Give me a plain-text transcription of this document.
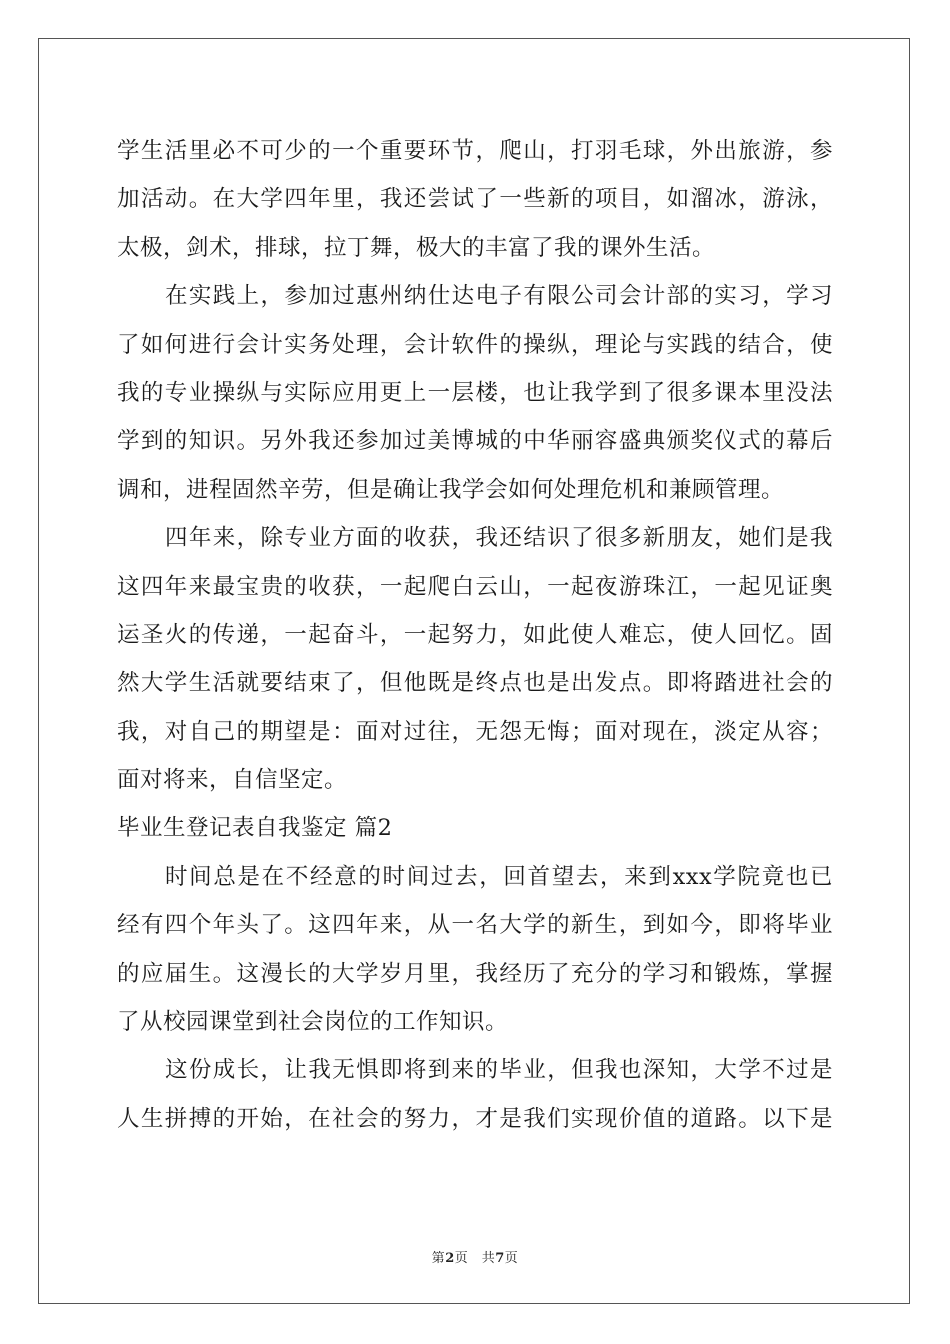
学生活里必不可少的一个重要环节，爬山，打羽毛球，外出旅游，参
加活动。在大学四年里，我还尝试了一些新的项目，如溜冰，游泳，
太极，剑术，排球，拉丁舞，极大的丰富了我的课外生活。
在实践上，参加过惠州纳仕达电子有限公司会计部的实习，学习
了如何进行会计实务处理，会计软件的操纵，理论与实践的结合，使
我的专业操纵与实际应用更上一层楼，也让我学到了很多课本里没法
学到的知识。另外我还参加过美博城的中华丽容盛典颁奖仪式的幕后
调和，进程固然辛劳，但是确让我学会如何处理危机和兼顾管理。
四年来，除专业方面的收获，我还结识了很多新朋友，她们是我
这四年来最宝贵的收获，一起爬白云山，一起夜游珠江，一起见证奥
运圣火的传递，一起奋斗，一起努力，如此使人难忘，使人回忆。固
然大学生活就要结束了，但他既是终点也是出发点。即将踏进社会的
我，对自己的期望是：面对过往，无怨无悔；面对现在，淡定从容；
面对将来，自信坚定。
毕业生登记表自我鉴定 篇2
时间总是在不经意的时间过去，回首望去，来到xxx学院竟也已
经有四个年头了。这四年来，从一名大学的新生，到如今，即将毕业
的应届生。这漫长的大学岁月里，我经历了充分的学习和锻炼，掌握
了从校园课堂到社会岗位的工作知识。
这份成长，让我无惧即将到来的毕业，但我也深知，大学不过是
人生拼搏的开始，在社会的努力，才是我们实现价值的道路。以下是
第2页　共7页
